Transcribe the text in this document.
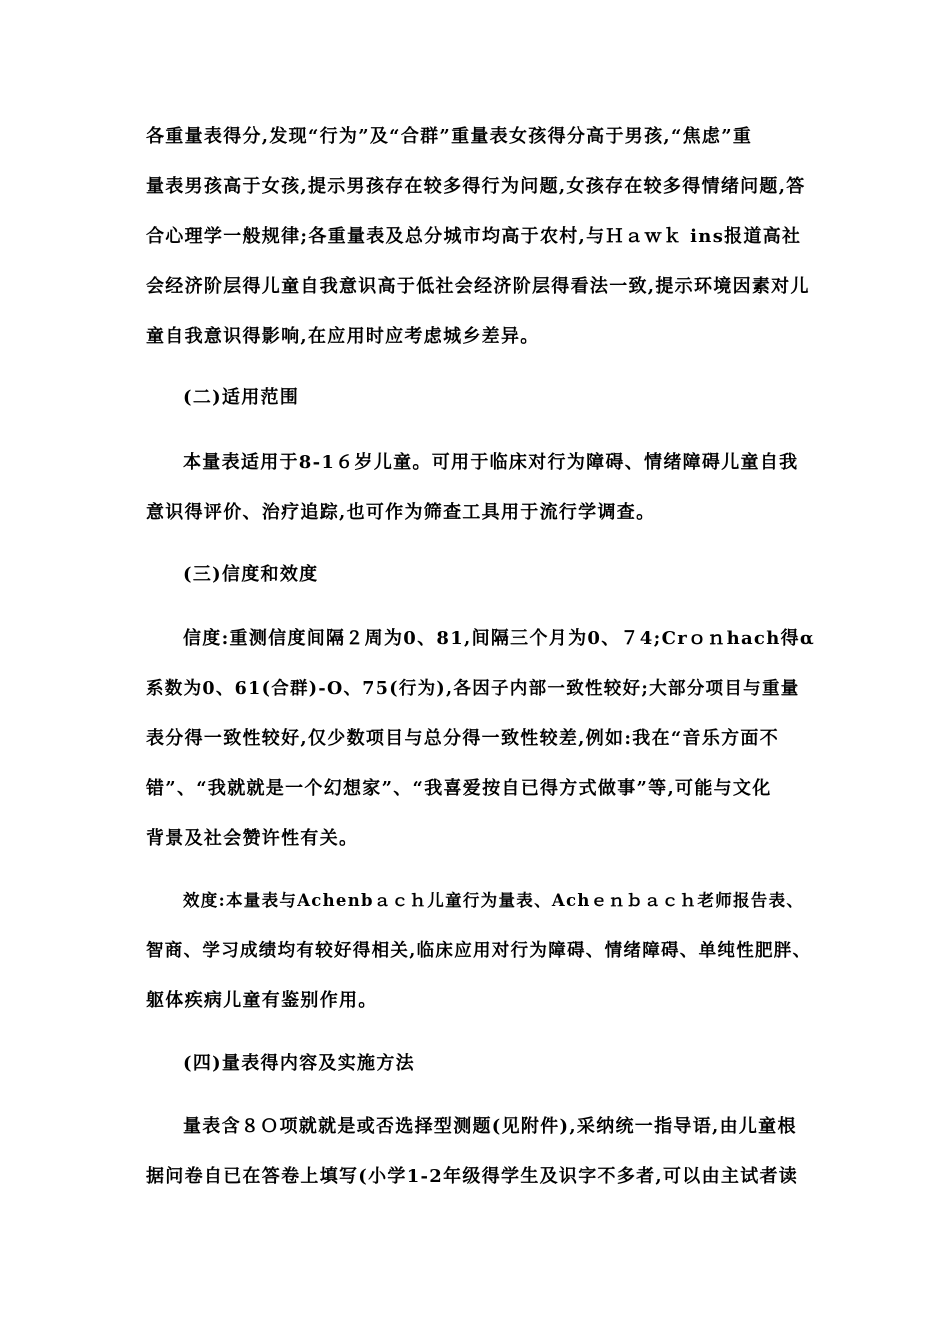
各重量表得分,发现“行为”及“合群”重量表女孩得分高于男孩,“焦虑”重
量表男孩高于女孩,提示男孩存在较多得行为问题,女孩存在较多得情绪问题,答
合心理学一般规律;各重量表及总分城市均高于农村,与Ｈａｗｋ ins报道高社
会经济阶层得儿童自我意识高于低社会经济阶层得看法一致,提示环境因素对儿
童自我意识得影响,在应用时应考虑城乡差异。
(二)适用范围
本量表适用于8-1６岁儿童。可用于临床对行为障碍、情绪障碍儿童自我
意识得评价、治疗追踪,也可作为筛查工具用于流行学调查。
(三)信度和效度
信度:重测信度间隔２周为0、81,间隔三个月为0、７4;Crｏｎhach得α
系数为0、61(合群)-O、75(行为),各因子内部一致性较好;大部分项目与重量
表分得一致性较好,仅少数项目与总分得一致性较差,例如:我在“音乐方面不
错”、“我就就是一个幻想家”、“我喜爱按自已得方式做事”等,可能与文化
背景及社会赞许性有关。
效度:本量表与Achenbａｃｈ儿童行为量表、Achｅｎｂａｃｈ老师报告表、
智商、学习成绩均有较好得相关,临床应用对行为障碍、情绪障碍、单纯性肥胖、
躯体疾病儿童有鉴别作用。
(四)量表得内容及实施方法
量表含８Ｏ项就就是或否选择型测题(见附件),采纳统一指导语,由儿童根
据问卷自已在答卷上填写(小学1-2年级得学生及识字不多者,可以由主试者读
